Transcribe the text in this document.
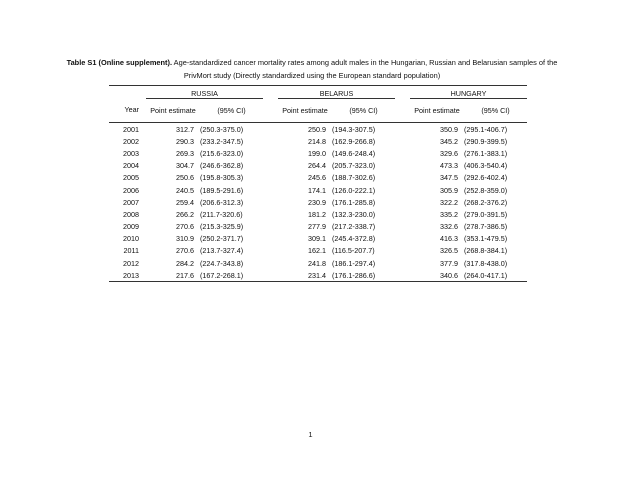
Table S1 (Online supplement). Age-standardized cancer mortality rates among adult males in the Hungarian, Russian and Belarusian samples of the PrivMort study (Directly standardized using the European standard population)
	RUSSIA			BELARUS			HUNGARY	
Year	Point estimate	(95% CI)		Point estimate	(95% CI)		Point estimate	(95% CI)
2001	312.7	(250.3-375.0)		250.9	(194.3-307.5)		350.9	(295.1-406.7)
2002	290.3	(233.2-347.5)		214.8	(162.9-266.8)		345.2	(290.9-399.5)
2003	269.3	(215.6-323.0)		199.0	(149.6-248.4)		329.6	(276.1-383.1)
2004	304.7	(246.6-362.8)		264.4	(205.7-323.0)		473.3	(406.3-540.4)
2005	250.6	(195.8-305.3)		245.6	(188.7-302.6)		347.5	(292.6-402.4)
2006	240.5	(189.5-291.6)		174.1	(126.0-222.1)		305.9	(252.8-359.0)
2007	259.4	(206.6-312.3)		230.9	(176.1-285.8)		322.2	(268.2-376.2)
2008	266.2	(211.7-320.6)		181.2	(132.3-230.0)		335.2	(279.0-391.5)
2009	270.6	(215.3-325.9)		277.9	(217.2-338.7)		332.6	(278.7-386.5)
2010	310.9	(250.2-371.7)		309.1	(245.4-372.8)		416.3	(353.1-479.5)
2011	270.6	(213.7-327.4)		162.1	(116.5-207.7)		326.5	(268.8-384.1)
2012	284.2	(224.7-343.8)		241.8	(186.1-297.4)		377.9	(317.8-438.0)
2013	217.6	(167.2-268.1)		231.4	(176.1-286.6)		340.6	(264.0-417.1)
1
